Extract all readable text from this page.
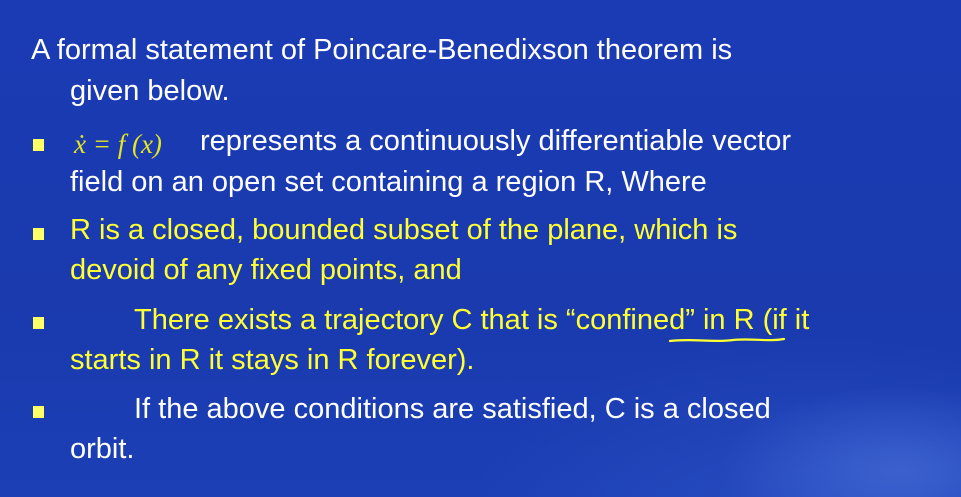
A formal statement of Poincare-Benedixson theorem is
given below.
ẋ = f (x) represents a continuously differentiable vector
field on an open set containing a region R, Where
R is a closed, bounded subset of the plane, which is
devoid of any fixed points, and
There exists a trajectory C that is “confined” in R (if it
starts in R it stays in R forever).
If the above conditions are satisfied, C is a closed
orbit.
